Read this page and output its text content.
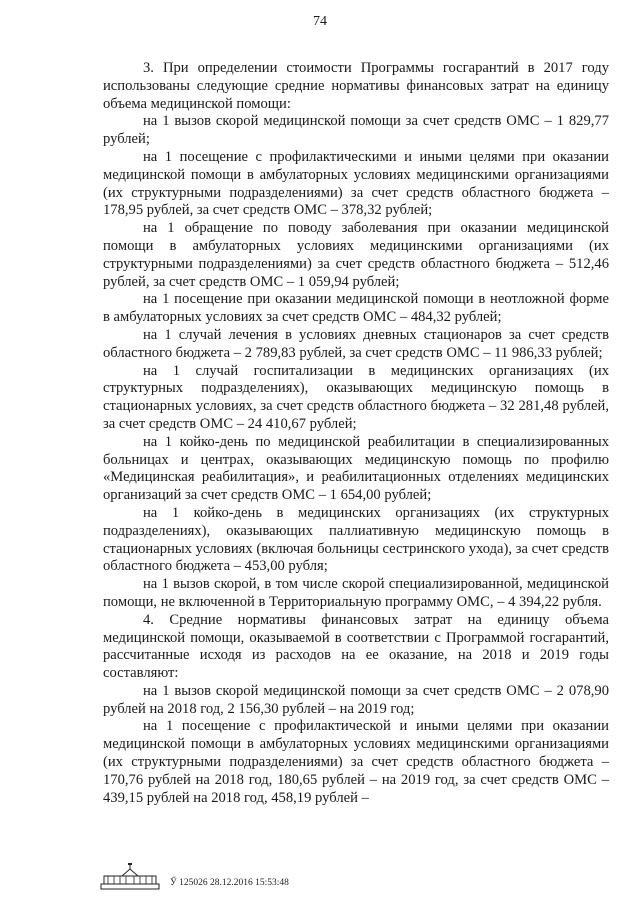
74

3. При определении стоимости Программы госгарантий в 2017 году использованы следующие средние нормативы финансовых затрат на единицу объема медицинской помощи:

на 1 вызов скорой медицинской помощи за счет средств ОМС – 1 829,77 рублей;

на 1 посещение с профилактическими и иными целями при оказании медицинской помощи в амбулаторных условиях медицинскими организациями (их структурными подразделениями) за счет средств областного бюджета – 178,95 рублей, за счет средств ОМС – 378,32 рублей;

на 1 обращение по поводу заболевания при оказании медицинской помощи в амбулаторных условиях медицинскими организациями (их структурными подразделениями) за счет средств областного бюджета – 512,46 рублей, за счет средств ОМС – 1 059,94 рублей;

на 1 посещение при оказании медицинской помощи в неотложной форме в амбулаторных условиях за счет средств ОМС – 484,32 рублей;

на 1 случай лечения в условиях дневных стационаров за счет средств областного бюджета – 2 789,83 рублей, за счет средств ОМС – 11 986,33 рублей;

на 1 случай госпитализации в медицинских организациях (их структурных подразделениях), оказывающих медицинскую помощь в стационарных условиях, за счет средств областного бюджета – 32 281,48 рублей, за счет средств ОМС – 24 410,67 рублей;

на 1 койко-день по медицинской реабилитации в специализированных больницах и центрах, оказывающих медицинскую помощь по профилю «Медицинская реабилитация», и реабилитационных отделениях медицинских организаций за счет средств ОМС – 1 654,00 рублей;

на 1 койко-день в медицинских организациях (их структурных подразделениях), оказывающих паллиативную медицинскую помощь в стационарных условиях (включая больницы сестринского ухода), за счет средств областного бюджета – 453,00 рубля;

на 1 вызов скорой, в том числе скорой специализированной, медицинской помощи, не включенной в Территориальную программу ОМС, – 4 394,22 рубля.

4. Средние нормативы финансовых затрат на единицу объема медицинской помощи, оказываемой в соответствии с Программой госгарантий, рассчитанные исходя из расходов на ее оказание, на 2018 и 2019 годы составляют:

на 1 вызов скорой медицинской помощи за счет средств ОМС – 2 078,90 рублей на 2018 год, 2 156,30 рублей – на 2019 год;

на 1 посещение с профилактической и иными целями при оказании медицинской помощи в амбулаторных условиях медицинскими организациями (их структурными подразделениями) за счет средств областного бюджета – 170,76 рублей на 2018 год, 180,65 рублей – на 2019 год, за счет средств ОМС – 439,15 рублей на 2018 год, 458,19 рублей –

Ӳ 125026 28.12.2016 15:53:48
